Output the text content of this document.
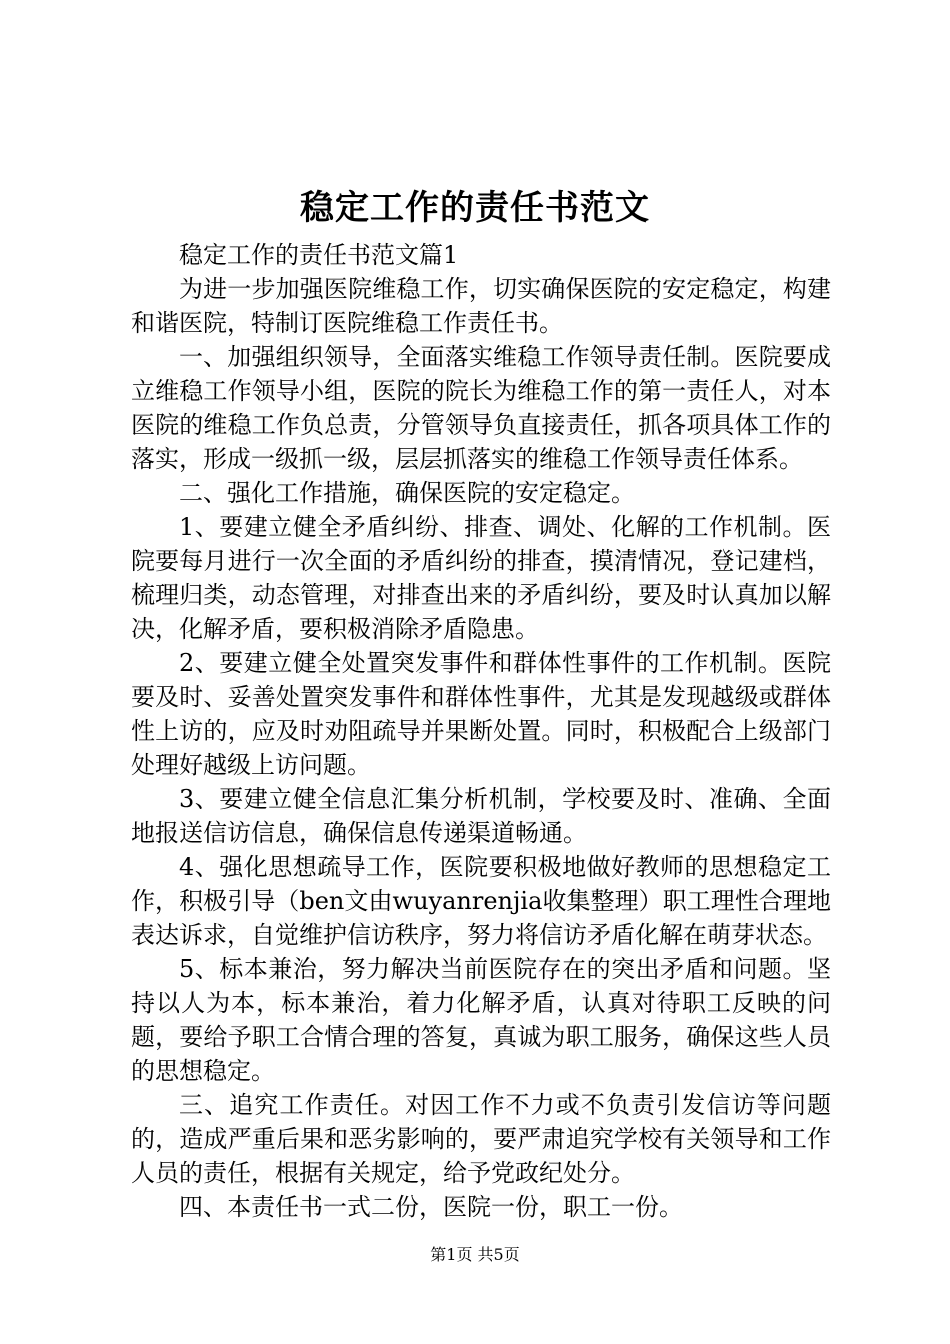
稳定工作的责任书范文

稳定工作的责任书范文篇1

为进一步加强医院维稳工作，切实确保医院的安定稳定，构建和谐医院，特制订医院维稳工作责任书。

一、加强组织领导，全面落实维稳工作领导责任制。医院要成立维稳工作领导小组，医院的院长为维稳工作的第一责任人，对本医院的维稳工作负总责，分管领导负直接责任，抓各项具体工作的落实，形成一级抓一级，层层抓落实的维稳工作领导责任体系。

二、强化工作措施，确保医院的安定稳定。

1、要建立健全矛盾纠纷、排查、调处、化解的工作机制。医院要每月进行一次全面的矛盾纠纷的排查，摸清情况，登记建档，梳理归类，动态管理，对排查出来的矛盾纠纷，要及时认真加以解决，化解矛盾，要积极消除矛盾隐患。

2、要建立健全处置突发事件和群体性事件的工作机制。医院要及时、妥善处置突发事件和群体性事件，尤其是发现越级或群体性上访的，应及时劝阻疏导并果断处置。同时，积极配合上级部门处理好越级上访问题。

3、要建立健全信息汇集分析机制，学校要及时、准确、全面地报送信访信息，确保信息传递渠道畅通。

4、强化思想疏导工作，医院要积极地做好教师的思想稳定工作，积极引导（ben文由wuyanrenjia收集整理）职工理性合理地表达诉求，自觉维护信访秩序，努力将信访矛盾化解在萌芽状态。

5、标本兼治，努力解决当前医院存在的突出矛盾和问题。坚持以人为本，标本兼治，着力化解矛盾，认真对待职工反映的问题，要给予职工合情合理的答复，真诚为职工服务，确保这些人员的思想稳定。

三、追究工作责任。对因工作不力或不负责引发信访等问题的，造成严重后果和恶劣影响的，要严肃追究学校有关领导和工作人员的责任，根据有关规定，给予党政纪处分。

四、本责任书一式二份，医院一份，职工一份。

第1页 共5页
